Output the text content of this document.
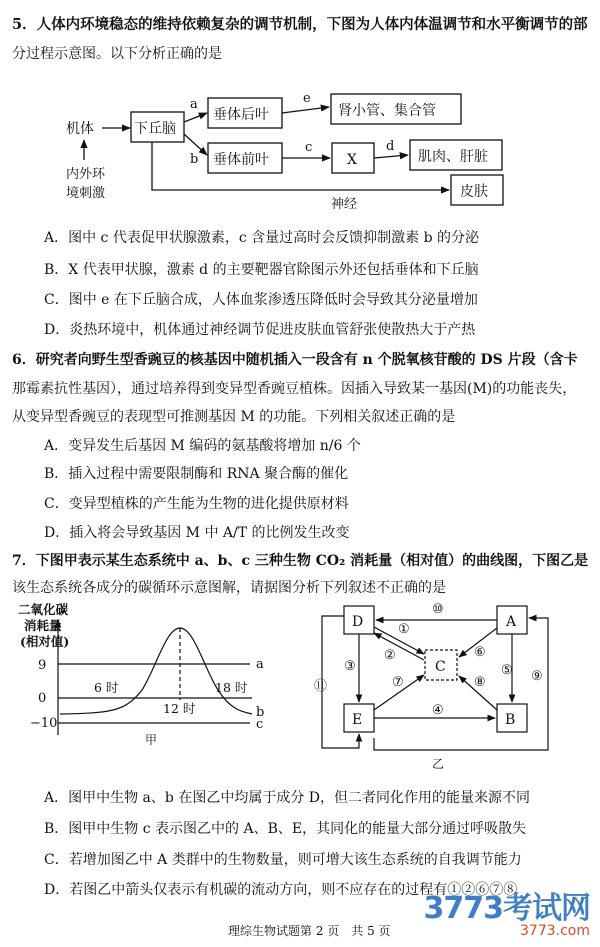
5．人体内环境稳态的维持依赖复杂的调节机制，下图为人体内体温调节和水平衡调节的部
分过程示意图。以下分析正确的是
机体	下丘脑
内外环
境刺激
a
垂体后叶
b 垂体前叶
e
肾小管、集合管
c
X
d
肌肉、肝脏
皮肤
神经
二氧化碳
消耗量
(相对值)
9
0
−10
a
c
b
6 时
12 时
18 时
甲
D	A
C
E	B
⑩
①
②
③
⑦
⑥
⑧
⑤
④
⑪
⑨
乙
A．图中 c 代表促甲状腺激素，c 含量过高时会反馈抑制激素 b 的分泌
B．X 代表甲状腺，激素 d 的主要靶器官除图示外还包括垂体和下丘脑
C．图中 e 在下丘脑合成，人体血浆渗透压降低时会导致其分泌量增加
D．炎热环境中，机体通过神经调节促进皮肤血管舒张使散热大于产热
6．研究者向野生型香豌豆的核基因中随机插入一段含有 n 个脱氧核苷酸的 DS 片段（含卡
那霉素抗性基因），通过培养得到变异型香豌豆植株。因插入导致某一基因(M)的功能丧失，
从变异型香豌豆的表现型可推测基因 M 的功能。下列相关叙述正确的是
A．变异发生后基因 M 编码的氨基酸将增加 n/6 个
B．插入过程中需要限制酶和 RNA 聚合酶的催化
C．变异型植株的产生能为生物的进化提供原材料
D．插入将会导致基因 M 中 A/T 的比例发生改变
7．下图甲表示某生态系统中 a、b、c 三种生物 CO₂ 消耗量（相对值）的曲线图，下图乙是
该生态系统各成分的碳循环示意图解，请据图分析下列叙述不正确的是
A．图甲中生物 a、b 在图乙中均属于成分 D，但二者同化作用的能量来源不同
B．图甲中生物 c 表示图乙中的 A、B、E，其同化的能量大部分通过呼吸散失
C．若增加图乙中 A 类群中的生物数量，则可增大该生态系统的自我调节能力
D．若图乙中箭头仅表示有机碳的流动方向，则不应存在的过程有①②⑥⑦⑧
理综生物试题第 2 页　共 5 页
3773考试网
3773.com
